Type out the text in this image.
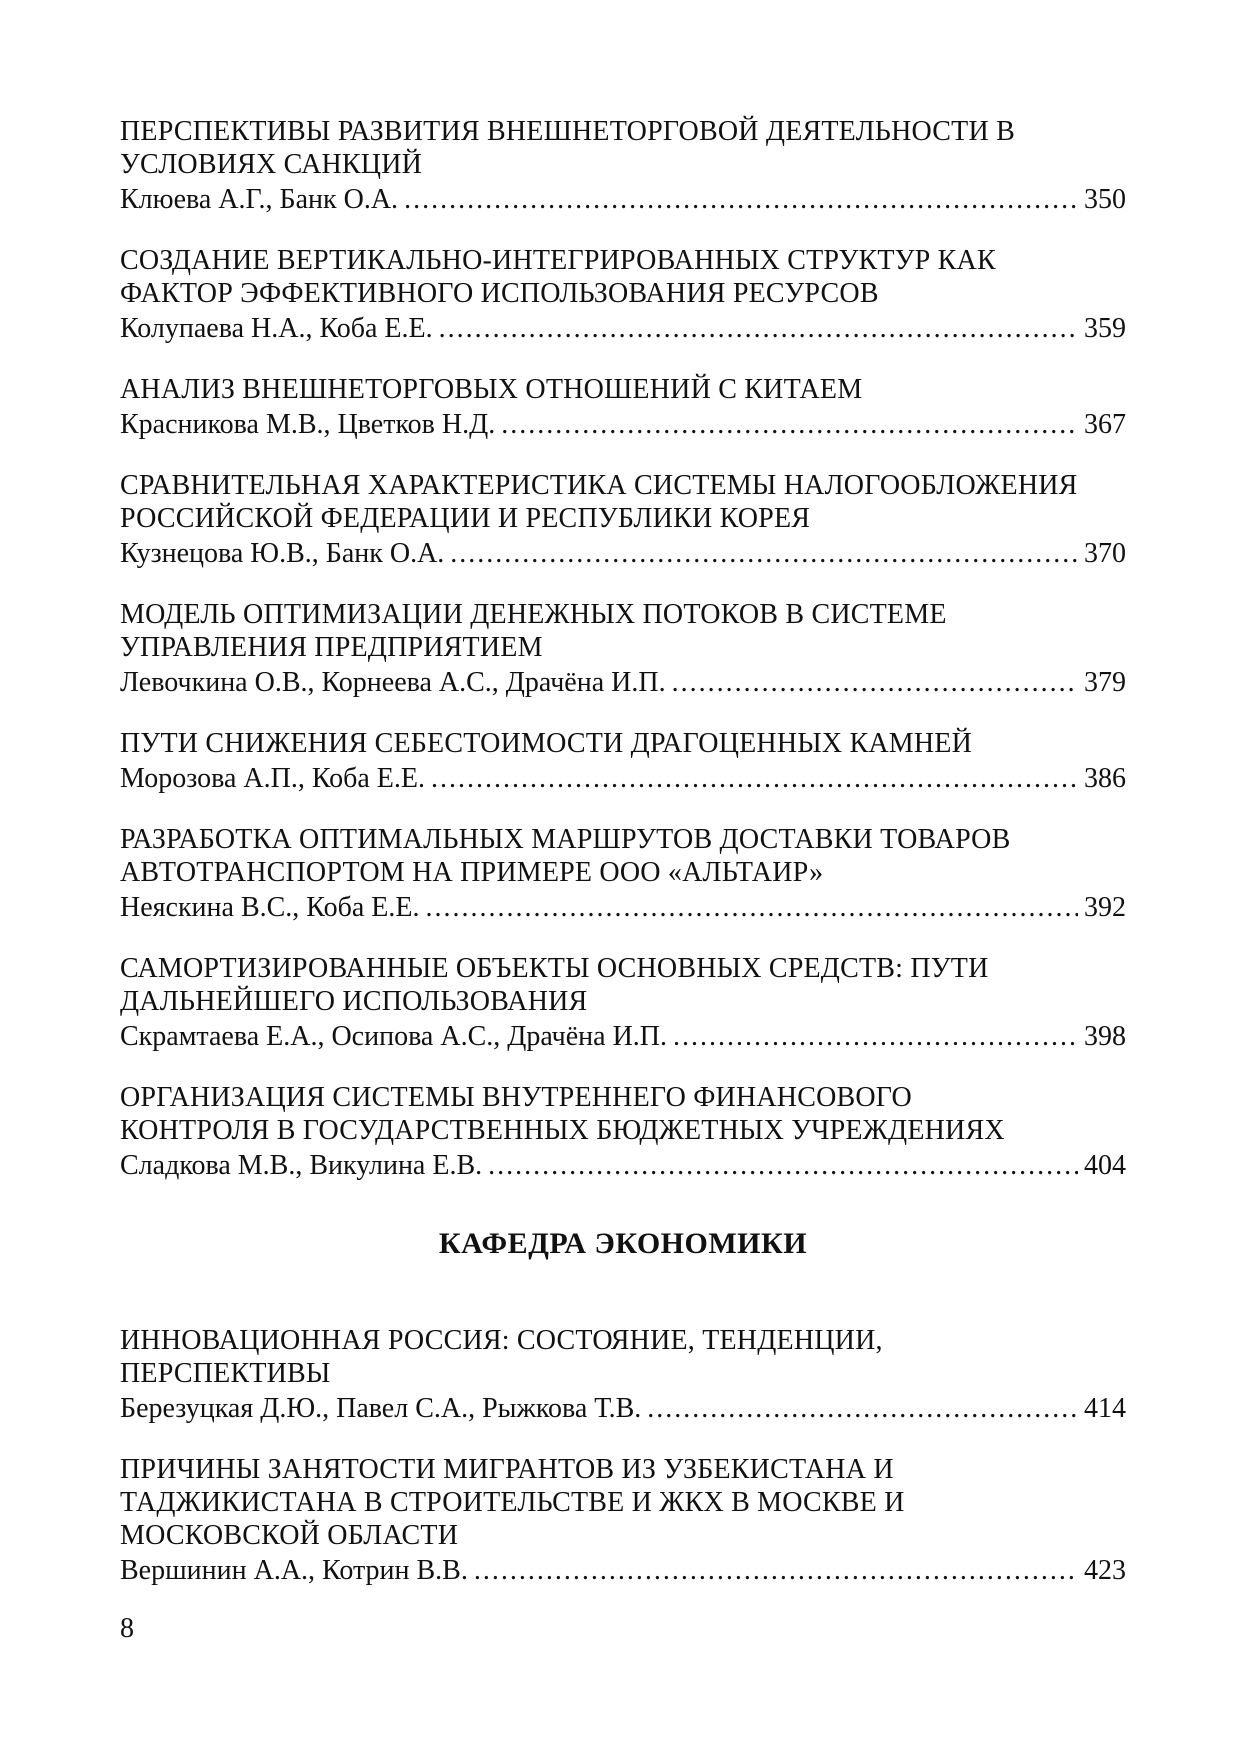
ПЕРСПЕКТИВЫ РАЗВИТИЯ ВНЕШНЕТОРГОВОЙ ДЕЯТЕЛЬНОСТИ В
УСЛОВИЯХ САНКЦИЙ
Клюева А.Г., Банк О.А. .....	350
СОЗДАНИЕ ВЕРТИКАЛЬНО-ИНТЕГРИРОВАННЫХ СТРУКТУР КАК
ФАКТОР ЭФФЕКТИВНОГО ИСПОЛЬЗОВАНИЯ РЕСУРСОВ
Колупаева Н.А., Коба Е.Е. .....	359
АНАЛИЗ ВНЕШНЕТОРГОВЫХ ОТНОШЕНИЙ С КИТАЕМ
Красникова М.В., Цветков Н.Д. .....	367
СРАВНИТЕЛЬНАЯ ХАРАКТЕРИСТИКА СИСТЕМЫ НАЛОГООБЛОЖЕНИЯ
РОССИЙСКОЙ ФЕДЕРАЦИИ И РЕСПУБЛИКИ КОРЕЯ
Кузнецова Ю.В., Банк О.А. .....	370
МОДЕЛЬ ОПТИМИЗАЦИИ ДЕНЕЖНЫХ ПОТОКОВ В СИСТЕМЕ
УПРАВЛЕНИЯ ПРЕДПРИЯТИЕМ
Левочкина О.В., Корнеева А.С., Драчёна И.П. .....	379
ПУТИ СНИЖЕНИЯ СЕБЕСТОИМОСТИ ДРАГОЦЕННЫХ КАМНЕЙ
Морозова А.П., Коба Е.Е. .....	386
РАЗРАБОТКА ОПТИМАЛЬНЫХ МАРШРУТОВ ДОСТАВКИ ТОВАРОВ
АВТОТРАНСПОРТОМ НА ПРИМЕРЕ ООО «АЛЬТАИР»
Неяскина В.С., Коба Е.Е. .....	392
САМОРТИЗИРОВАННЫЕ ОБЪЕКТЫ ОСНОВНЫХ СРЕДСТВ: ПУТИ
ДАЛЬНЕЙШЕГО ИСПОЛЬЗОВАНИЯ
Скрамтаева Е.А., Осипова А.С., Драчёна И.П. .....	398
ОРГАНИЗАЦИЯ СИСТЕМЫ ВНУТРЕННЕГО ФИНАНСОВОГО
КОНТРОЛЯ В ГОСУДАРСТВЕННЫХ БЮДЖЕТНЫХ УЧРЕЖДЕНИЯХ
Сладкова М.В., Викулина Е.В. .....	404
КАФЕДРА ЭКОНОМИКИ
ИННОВАЦИОННАЯ РОССИЯ: СОСТОЯНИЕ, ТЕНДЕНЦИИ,
ПЕРСПЕКТИВЫ
Березуцкая Д.Ю., Павел С.А., Рыжкова Т.В. .....	414
ПРИЧИНЫ ЗАНЯТОСТИ МИГРАНТОВ ИЗ УЗБЕКИСТАНА И
ТАДЖИКИСТАНА В СТРОИТЕЛЬСТВЕ И ЖКХ В МОСКВЕ И
МОСКОВСКОЙ ОБЛАСТИ
Вершинин А.А., Котрин В.В. .....	423
8
